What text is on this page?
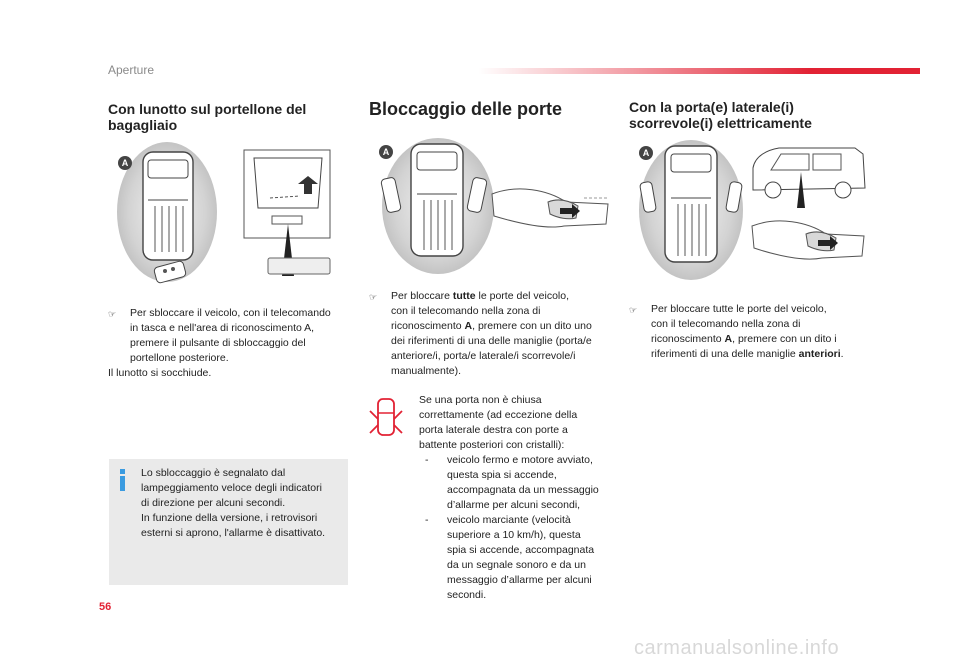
Aperture
Con lunotto sul portellone del
bagagliaio
A
☞	Per sbloccare il veicolo, con il telecomando
in tasca e nell'area di riconoscimento A,
premere il pulsante di sbloccaggio del
portellone posteriore.
Il lunotto si socchiude.
Lo sbloccaggio è segnalato dal
lampeggiamento veloce degli indicatori
di direzione per alcuni secondi.
In funzione della versione, i retrovisori
esterni si aprono, l'allarme è disattivato.
Bloccaggio delle porte
A
☞	Per bloccare tutte le porte del veicolo,
con il telecomando nella zona di
riconoscimento A, premere con un dito uno
dei riferimenti di una delle maniglie (porta/e
anteriore/i, porta/e laterale/i scorrevole/i
manualmente).
Se una porta non è chiusa
correttamente (ad eccezione della
porta laterale destra con porte a
battente posteriori con cristalli):
-	veicolo fermo e motore avviato,
questa spia si accende,
accompagnata da un messaggio
d’allarme per alcuni secondi,
-	veicolo marciante (velocità
superiore a 10 km/h), questa
spia si accende, accompagnata
da un segnale sonoro e da un
messaggio d’allarme per alcuni
secondi.
Con la porta(e) laterale(i)
scorrevole(i) elettricamente
A
☞	Per bloccare tutte le porte del veicolo,
con il telecomando nella zona di
riconoscimento A, premere con un dito i
riferimenti di una delle maniglie anteriori.
56
carmanualsonline.info
